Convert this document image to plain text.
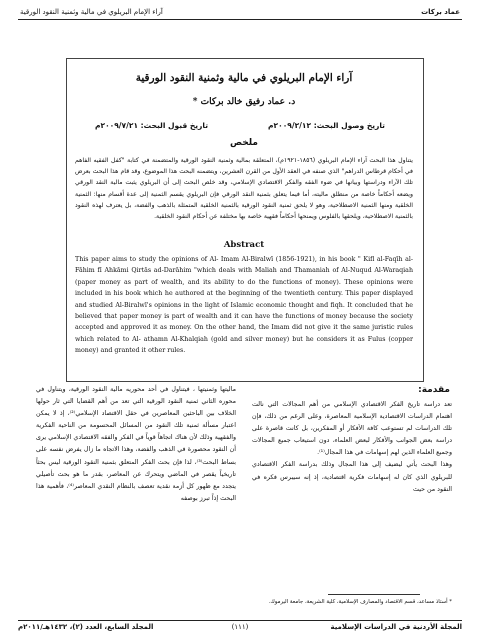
عماد بركات
آراء الإمام البريلوي في مالية وثمنية النقود الورقية
آراء الإمام البريلوي في مالية وثمنية النقود الورقية
د. عماد رفيق خالد بركات *
تاريخ وصول البحث: ٢٠٠٩/٢/١٢م
تاريخ قبول البحث: ٢٠٠٩/٧/٢١م
ملخص
يتناول هذا البحث آراء الإمام البريلوي (١٨٥٦-١٩٢١م)، المتعلقة بمالية وثمنية النقود الورقية والمتضمنة في كتابة "كفل الفقيه الفاهم في أحكام قرطاس الدراهم" الذي صنفه في العقد الأول من القرن العشرين، ويتضمنه البحث هذا الموضوع، وقد قام هذا البحث بعرض تلك الآراء ودراستها وبيانها في ضوء الفقه والفكر الاقتصادي الإسلامي، وقد خلص البحث إلى أن البريلوي يثبت مالية النقد الورقي ويضعه أحكاماً خاصة من منطلق ماليته، أما فيما يتعلق بثمنية النقد الورقي فإن البريلوي يقسم الثمنية إلى عدة أقسام منها: الثمنية الخلقية ومنها الثمنية الاصطلاحية، وهو لا يلحق ثمنية النقود الورقية بالثمنية الخلقية المتمثلة بالذهب والفضة، بل يعترف لهذه النقود بالثمنية الاصطلاحية، ويلحقها بالفلوس ويمنحها أحكاماً فقهية خاصة بها مختلفة عن أحكام النقود الخلقية.
Abstract
This paper aims to study the opinions of Al- Imam Al-Biralwī (1856-1921), in his book " Kifl al-Faqīh al-Fāhim fī Ahkāmi Qirtās ad-Darāhim "which deals with Maliah and Thamaniah of Al-Nuqud Al-Waraqiah (paper money as part of wealth, and its ability to do the functions of money). These opinions were included in his book which he authored at the beginning of the twentieth century. This paper displayed and studied Al-Biralwī's opinions in the light of Islamic economic thought and fiqh. It concluded that he believed that paper money is part of wealth and it can have the functions of money because the society accepted and approved it as money. On the other hand, the Imam did not give it the same juristic rules which related to Al- athamn Al-Khalqiah (gold and silver money) but he considers it as Fulus (copper money) and granted it other rules.
مقدمة:

تعد دراسة تاريخ الفكر الاقتصادي الإسلامي من أهم المجالات التي نالت اهتمام الدراسات الاقتصادية الإسلامية المعاصرة، وعلى الرغم من ذلك، فإن تلك الدراسات لم تستوعب كافة الأفكار أو المفكرين، بل كانت قاصرة على دراسة بعض الجوانب والأفكار لبعض العلماء، دون استيعاب جميع المجالات وجميع العلماء الذين لهم إسهامات في هذا المجال⁽¹⁾.

وهذا البحث يأتي ليضيف إلى هذا المجال وذلك بدراسة الفكر الاقتصادي للبريلوي الذي كان له إسهامات فكرية اقتصادية، إذ إنه سيبرس فكره في النقود من حيث

ماليتها وثمنيتها ، فيتناول في أحد محوريه مالية النقود الورقية، ويتناول في محوره الثاني ثمنية النقود الورقية التي تعد من أهم القضايا التي ثار حولها الخلاف بين الباحثين المعاصرين في حقل الاقتصاد الإسلامي⁽²⁾، إذ لا يمكن اعتبار مسألة ثمنية تلك النقود من المسائل المحسومة من الناحية الفكرية والفقهية وذلك لأن هناك اتجاهاً قوياً في الفكر والفقه الاقتصادي الإسلامي يرى أن النقود محصورة في الذهب والفضة، وهذا الاتجاه ما زال يفرض نفسه على بساط البحث⁽³⁾، لذا فإن بحث الفكر المتعلق بثمنية النقود الورقية ليس بحثاً تاريخياً يقصر في الماضي ويتحرك عن المعاصر، بقدر ما هو بحث تأصيلي يتجدد مع ظهور كل أزمة نقدية تعصف بالنظام النقدي المعاصر⁽⁴⁾، فأهمية هذا البحث إذاً تبرز بوصفه

* أستاذ مساعد، قسم الاقتصاد والمصارف الإسلامية، كلية الشريعة، جامعة اليرموك.
المجلة الأردنية في الدراسات الإسلامية
(١١١)
المجلد السابع، العدد (٢)، ١٤٣٢هـ/٢٠١١م
